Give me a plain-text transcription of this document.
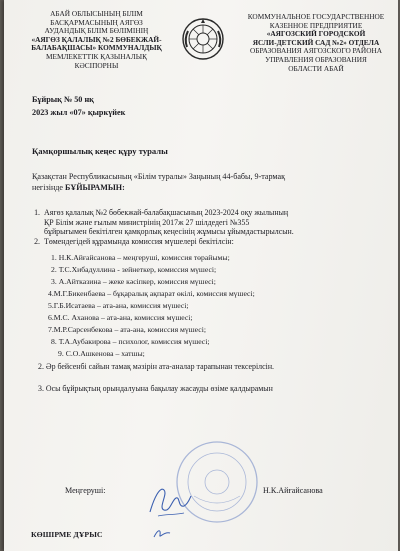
АБАЙ ОБЛЫСЫНЫҢ БІЛІМ
БАСҚАРМАСЫНЫҢ АЯГӨЗ
АУДАНДЫҚ БІЛІМ БӨЛІМІНІҢ
«АЯГӨЗ ҚАЛАЛЫҚ №2 БӨБЕКЖАЙ-
БАЛАБАҚШАСЫ» КОММУНАЛДЫҚ
МЕМЛЕКЕТТІК ҚАЗЫНАЛЫҚ
КӘСІПОРНЫ
КОММУНАЛЬНОЕ ГОСУДАРСТВЕННОЕ
КАЗЕННОЕ ПРЕДПРИЯТИЕ
«АЯГОЗСКИЙ ГОРОДСКОЙ
ЯСЛИ-ДЕТСКИЙ САД №2» ОТДЕЛА
ОБРАЗОВАНИЯ АЯГОЗСКОГО РАЙОНА
УПРАВЛЕНИЯ ОБРАЗОВАНИЯ
ОБЛАСТИ АБАЙ
Бұйрық № 50 нқ
2023 жыл «07» қыркүйек
Қамқоршылық кеңес құру туралы
Қазақстан Республикасының «Білім туралы» Заңының 44-бабы, 9-тармақ
негізінде БҰЙЫРАМЫН:
1. Аягөз қалалық №2 бөбекжай-балабақшасының 2023-2024 оқу жылының
ҚР Білім және ғылым министрінің 2017ж 27 шілдедегі №355
бұйрығымен бекітілген қамқорлық кеңесінің жұмысы ұйымдастырылсын.
2. Төмендегідей құрамында комиссия мүшелері бекітілсін:
1. Н.К.Айғайсанова – меңгеруші, комиссия төрайымы;
2. Т.С.Хибадуллина - зейнеткер, комиссия мүшесі;
3. А.Айтказина – жеке кәсіпкер, комиссия мүшесі;
4.М.Г.Бикенбаева – бұқаралық ақпарат өкілі, комиссия мүшесі;
5.Г.Б.Исатаева – ата-ана, комиссия мүшесі;
6.М.С. Аханова – ата-ана, комиссия мүшесі;
7.М.Р.Сарсенбекова – ата-ана, комиссия мүшесі;
8. Т.А.Аубакирова – психолог, комиссия мүшесі;
9. С.О.Ашкенова – хатшы;
2. Әр бейсенбі сайын тамақ мәзірін ата-аналар тарапынан тексерілсін.
3. Осы бұйрықтың орындалуына бақылау жасауды өзіме қалдырамын
Меңгеруші:	Н.К.Айғайсанова
КӨШІРМЕ ДҰРЫС
